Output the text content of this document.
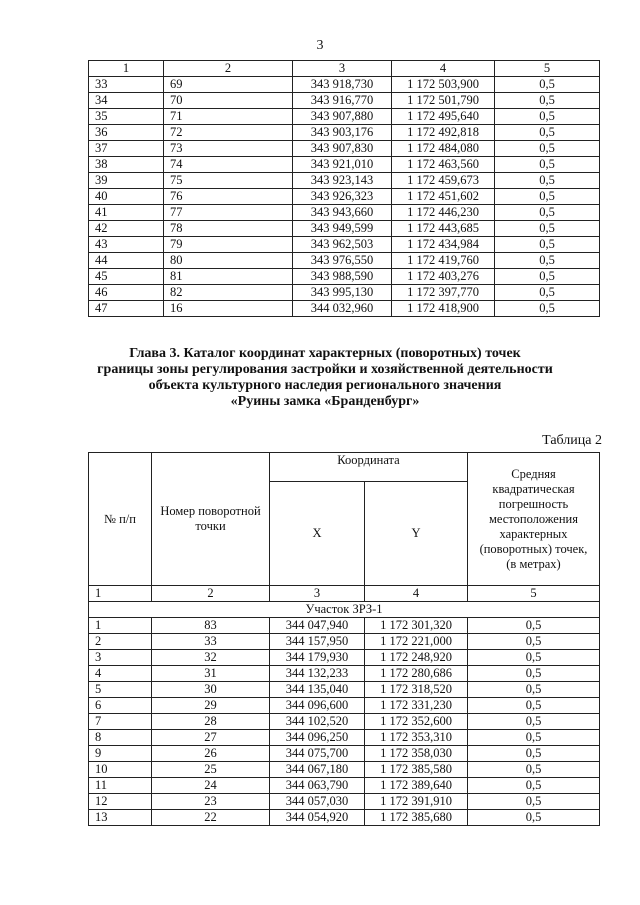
3
1	2	3	4	5
33	69	343 918,730	1 172 503,900	0,5
34	70	343 916,770	1 172 501,790	0,5
35	71	343 907,880	1 172 495,640	0,5
36	72	343 903,176	1 172 492,818	0,5
37	73	343 907,830	1 172 484,080	0,5
38	74	343 921,010	1 172 463,560	0,5
39	75	343 923,143	1 172 459,673	0,5
40	76	343 926,323	1 172 451,602	0,5
41	77	343 943,660	1 172 446,230	0,5
42	78	343 949,599	1 172 443,685	0,5
43	79	343 962,503	1 172 434,984	0,5
44	80	343 976,550	1 172 419,760	0,5
45	81	343 988,590	1 172 403,276	0,5
46	82	343 995,130	1 172 397,770	0,5
47	16	344 032,960	1 172 418,900	0,5
Глава 3. Каталог координат характерных (поворотных) точек
границы зоны регулирования застройки и хозяйственной деятельности
объекта культурного наследия регионального значения
«Руины замка «Бранденбург»
Таблица 2
№ п/п	Номер поворотной точки	Координата		Средняя квадратическая погрешность местоположения характерных (поворотных) точек, (в метрах)
		X	Y	
1	2	3	4	5
Участок ЗРЗ-1				
1	83	344 047,940	1 172 301,320	0,5
2	33	344 157,950	1 172 221,000	0,5
3	32	344 179,930	1 172 248,920	0,5
4	31	344 132,233	1 172 280,686	0,5
5	30	344 135,040	1 172 318,520	0,5
6	29	344 096,600	1 172 331,230	0,5
7	28	344 102,520	1 172 352,600	0,5
8	27	344 096,250	1 172 353,310	0,5
9	26	344 075,700	1 172 358,030	0,5
10	25	344 067,180	1 172 385,580	0,5
11	24	344 063,790	1 172 389,640	0,5
12	23	344 057,030	1 172 391,910	0,5
13	22	344 054,920	1 172 385,680	0,5
